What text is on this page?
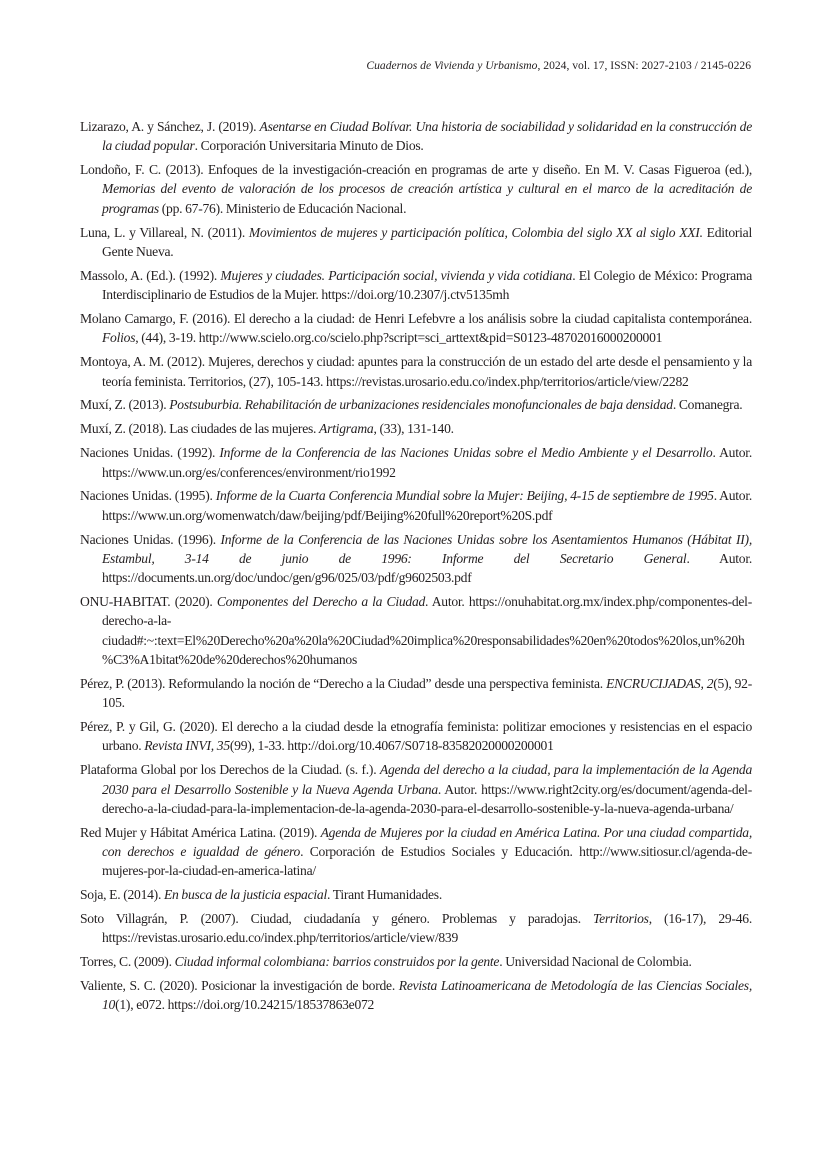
Cuadernos de Vivienda y Urbanismo, 2024, vol. 17, ISSN: 2027-2103 / 2145-0226

Lizarazo, A. y Sánchez, J. (2019). Asentarse en Ciudad Bolívar. Una historia de sociabilidad y solidaridad en la construcción de la ciudad popular. Corporación Universitaria Minuto de Dios.

Londoño, F. C. (2013). Enfoques de la investigación-creación en programas de arte y diseño. En M. V. Casas Figueroa (ed.), Memorias del evento de valoración de los procesos de creación artística y cultural en el marco de la acreditación de programas (pp. 67-76). Ministerio de Educación Nacional.

Luna, L. y Villareal, N. (2011). Movimientos de mujeres y participación política, Colombia del siglo XX al siglo XXI. Editorial Gente Nueva.

Massolo, A. (Ed.). (1992). Mujeres y ciudades. Participación social, vivienda y vida cotidiana. El Colegio de México: Programa Interdisciplinario de Estudios de la Mujer. https://doi.org/10.2307/j.ctv5135mh

Molano Camargo, F. (2016). El derecho a la ciudad: de Henri Lefebvre a los análisis sobre la ciudad capitalista contemporánea. Folios, (44), 3-19. http://www.scielo.org.co/scielo.php?script=sci_arttext&pid=S0123-48702016000200001

Montoya, A. M. (2012). Mujeres, derechos y ciudad: apuntes para la construcción de un estado del arte desde el pensamiento y la teoría feminista. Territorios, (27), 105-143. https://revistas.urosario.edu.co/index.php/territorios/article/view/2282

Muxí, Z. (2013). Postsuburbia. Rehabilitación de urbanizaciones residenciales monofuncionales de baja densidad. Comanegra.

Muxí, Z. (2018). Las ciudades de las mujeres. Artigrama, (33), 131-140.

Naciones Unidas. (1992). Informe de la Conferencia de las Naciones Unidas sobre el Medio Ambiente y el Desarrollo. Autor. https://www.un.org/es/conferences/environment/rio1992

Naciones Unidas. (1995). Informe de la Cuarta Conferencia Mundial sobre la Mujer: Beijing, 4-15 de septiembre de 1995. Autor. https://www.un.org/womenwatch/daw/beijing/pdf/Beijing%20full%20report%20S.pdf

Naciones Unidas. (1996). Informe de la Conferencia de las Naciones Unidas sobre los Asentamientos Humanos (Hábitat II), Estambul, 3-14 de junio de 1996: Informe del Secretario General. Autor. https://documents.un.org/doc/undoc/gen/g96/025/03/pdf/g9602503.pdf

ONU-HABITAT. (2020). Componentes del Derecho a la Ciudad. Autor. https://onuhabitat.org.mx/index.php/componentes-del-derecho-a-la-ciudad#:~:text=El%20Derecho%20a%20la%20Ciudad%20implica%20responsabilidades%20en%20todos%20los,un%20h%C3%A1bitat%20de%20derechos%20humanos

Pérez, P. (2013). Reformulando la noción de “Derecho a la Ciudad” desde una perspectiva feminista. ENCRUCIJADAS, 2(5), 92-105.

Pérez, P. y Gil, G. (2020). El derecho a la ciudad desde la etnografía feminista: politizar emociones y resistencias en el espacio urbano. Revista INVI, 35(99), 1-33. http://doi.org/10.4067/S0718-83582020000200001

Plataforma Global por los Derechos de la Ciudad. (s. f.). Agenda del derecho a la ciudad, para la implementación de la Agenda 2030 para el Desarrollo Sostenible y la Nueva Agenda Urbana. Autor. https://www.right2city.org/es/document/agenda-del-derecho-a-la-ciudad-para-la-implementacion-de-la-agenda-2030-para-el-desarrollo-sostenible-y-la-nueva-agenda-urbana/

Red Mujer y Hábitat América Latina. (2019). Agenda de Mujeres por la ciudad en América Latina. Por una ciudad compartida, con derechos e igualdad de género. Corporación de Estudios Sociales y Educación. http://www.sitiosur.cl/agenda-de-mujeres-por-la-ciudad-en-america-latina/

Soja, E. (2014). En busca de la justicia espacial. Tirant Humanidades.

Soto Villagrán, P. (2007). Ciudad, ciudadanía y género. Problemas y paradojas. Territorios, (16-17), 29-46. https://revistas.urosario.edu.co/index.php/territorios/article/view/839

Torres, C. (2009). Ciudad informal colombiana: barrios construidos por la gente. Universidad Nacional de Colombia.

Valiente, S. C. (2020). Posicionar la investigación de borde. Revista Latinoamericana de Metodología de las Ciencias Sociales, 10(1), e072. https://doi.org/10.24215/18537863e072
